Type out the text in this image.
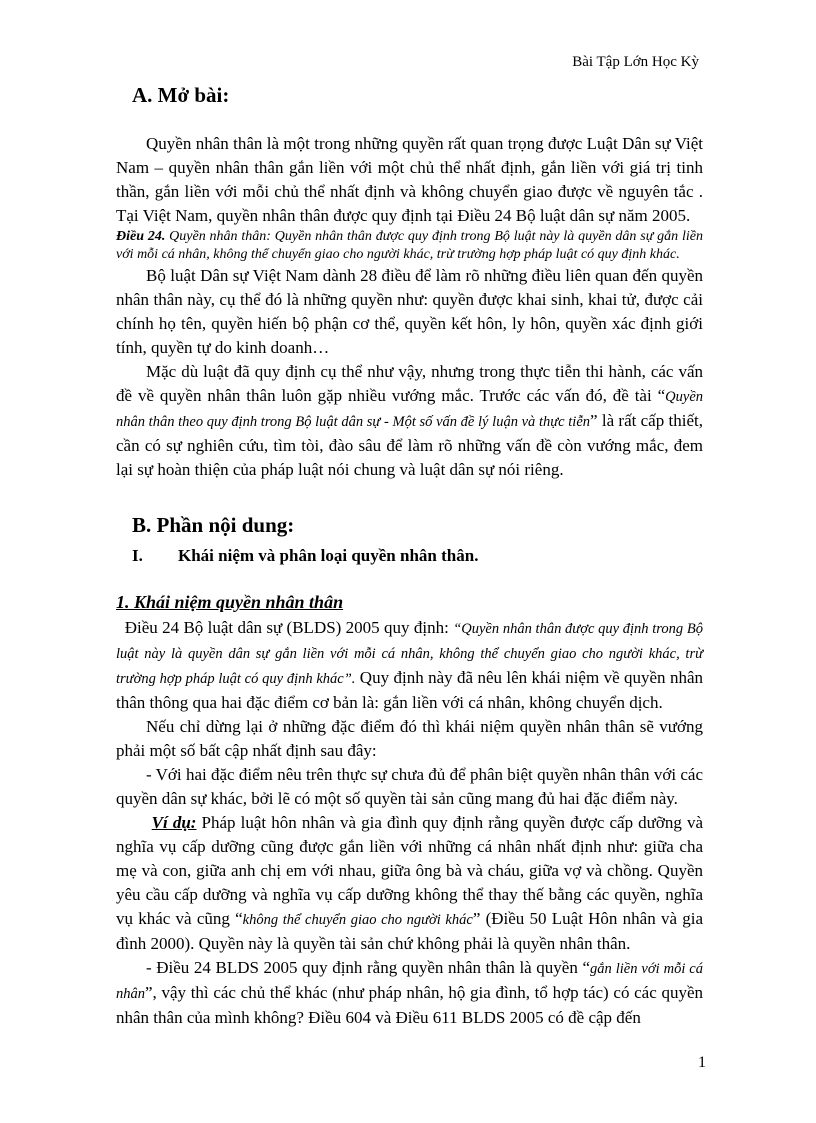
Bài Tập Lớn Học Kỳ
A. Mở bài:

Quyền nhân thân là một trong những quyền rất quan trọng được Luật Dân sự Việt Nam – quyền nhân thân gắn liền với một chủ thể nhất định, gắn liền với giá trị tinh thần, gắn liền với mỗi chủ thể nhất định và không chuyển giao được về nguyên tắc . Tại Việt Nam, quyền nhân thân được quy định tại Điều 24 Bộ luật dân sự năm 2005.

Điều 24. Quyền nhân thân: Quyền nhân thân được quy định trong Bộ luật này là quyền dân sự gắn liền với mỗi cá nhân, không thể chuyển giao cho người khác, trừ trường hợp pháp luật có quy định khác.

Bộ luật Dân sự Việt Nam dành 28 điều để làm rõ những điều liên quan đến quyền nhân thân này, cụ thể đó là những quyền như: quyền được khai sinh, khai tử, được cải chính họ tên, quyền hiến bộ phận cơ thể, quyền kết hôn, ly hôn, quyền xác định giới tính, quyền tự do kinh doanh…

Mặc dù luật đã quy định cụ thể như vậy, nhưng trong thực tiễn thi hành, các vấn đề về quyền nhân thân luôn gặp nhiều vướng mắc. Trước các vấn đó, đề tài “Quyền nhân thân theo quy định trong Bộ luật dân sự - Một số vấn đề lý luận và thực tiễn” là rất cấp thiết, cần có sự nghiên cứu, tìm tòi, đào sâu để làm rõ những vấn đề còn vướng mắc, đem lại sự hoàn thiện của pháp luật nói chung và luật dân sự nói riêng.

B. Phần nội dung:
I.	Khái niệm và phân loại quyền nhân thân.
1. Khái niệm quyền nhân thân

Điều 24 Bộ luật dân sự (BLDS) 2005 quy định: “Quyền nhân thân được quy định trong Bộ luật này là quyền dân sự gắn liền với mỗi cá nhân, không thể chuyển giao cho người khác, trừ trường hợp pháp luật có quy định khác”. Quy định này đã nêu lên khái niệm về quyền nhân thân thông qua hai đặc điểm cơ bản là: gắn liền với cá nhân, không chuyển dịch.

Nếu chỉ dừng lại ở những đặc điểm đó thì khái niệm quyền nhân thân sẽ vướng phải một số bất cập nhất định sau đây:

- Với hai đặc điểm nêu trên thực sự chưa đủ để phân biệt quyền nhân thân với các quyền dân sự khác, bởi lẽ có một số quyền tài sản cũng mang đủ hai đặc điểm này.

Ví dụ: Pháp luật hôn nhân và gia đình quy định rằng quyền được cấp dưỡng và nghĩa vụ cấp dưỡng cũng được gắn liền với những cá nhân nhất định như: giữa cha mẹ và con, giữa anh chị em với nhau, giữa ông bà và cháu, giữa vợ và chồng. Quyền yêu cầu cấp dưỡng và nghĩa vụ cấp dưỡng không thể thay thế bằng các quyền, nghĩa vụ khác và cũng “không thể chuyển giao cho người khác” (Điều 50 Luật Hôn nhân và gia đình 2000). Quyền này là quyền tài sản chứ không phải là quyền nhân thân.

- Điều 24 BLDS 2005 quy định rằng quyền nhân thân là quyền “gắn liền với mỗi cá nhân”, vậy thì các chủ thể khác (như pháp nhân, hộ gia đình, tổ hợp tác) có các quyền nhân thân của mình không? Điều 604 và Điều 611 BLDS 2005 có đề cập đến

1
